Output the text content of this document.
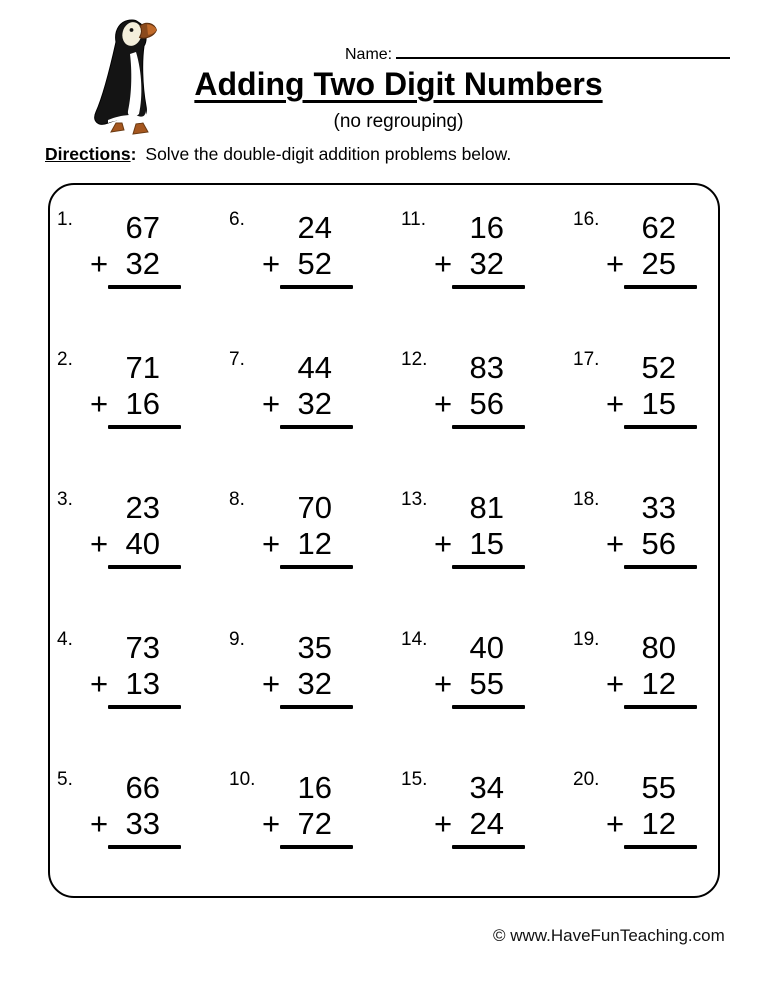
Name:
Adding Two Digit Numbers
(no regrouping)
Directions: Solve the double-digit addition problems below.
1.	67
+ 32
2.	71
+ 16
3.	23
+ 40
4.	73
+ 13
5.	66
+ 33
6.	24
+ 52
7.	44
+ 32
8.	70
+ 12
9.	35
+ 32
10.	16
+ 72
11.	16
+ 32
12.	83
+ 56
13.	81
+ 15
14.	40
+ 55
15.	34
+ 24
16.	62
+ 25
17.	52
+ 15
18.	33
+ 56
19.	80
+ 12
20.	55
+ 12
© www.HaveFunTeaching.com
